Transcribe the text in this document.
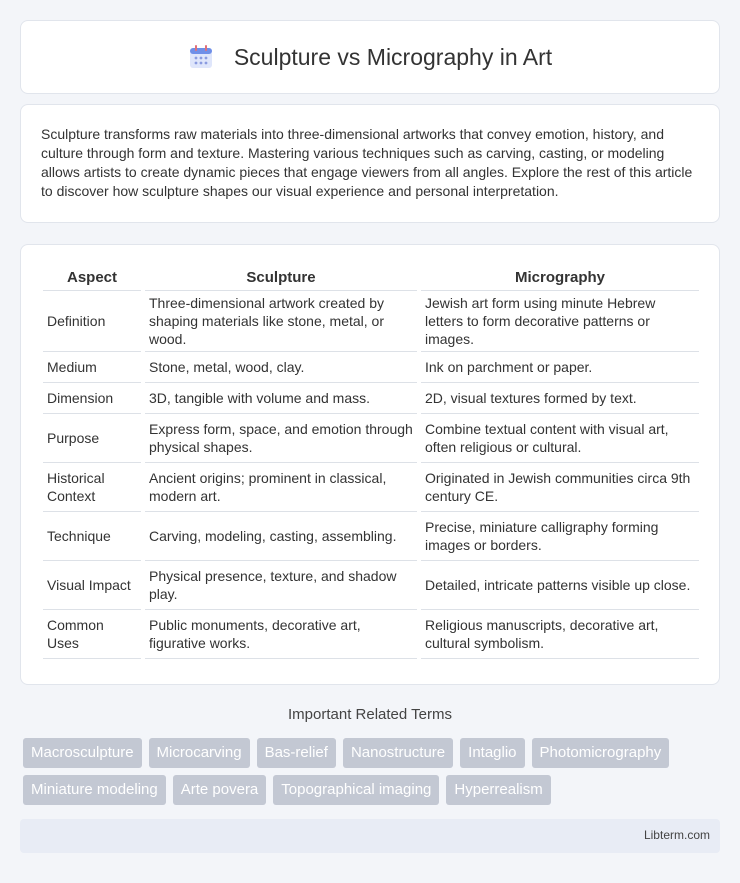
Sculpture vs Micrography in Art

Sculpture transforms raw materials into three-dimensional artworks that convey emotion, history, and culture through form and texture. Mastering various techniques such as carving, casting, or modeling allows artists to create dynamic pieces that engage viewers from all angles. Explore the rest of this article to discover how sculpture shapes our visual experience and personal interpretation.

Aspect	Sculpture	Micrography
Definition	Three-dimensional artwork created by shaping materials like stone, metal, or wood.	Jewish art form using minute Hebrew letters to form decorative patterns or images.
Medium	Stone, metal, wood, clay.	Ink on parchment or paper.
Dimension	3D, tangible with volume and mass.	2D, visual textures formed by text.
Purpose	Express form, space, and emotion through physical shapes.	Combine textual content with visual art, often religious or cultural.
Historical Context	Ancient origins; prominent in classical, modern art.	Originated in Jewish communities circa 9th century CE.
Technique	Carving, modeling, casting, assembling.	Precise, miniature calligraphy forming images or borders.
Visual Impact	Physical presence, texture, and shadow play.	Detailed, intricate patterns visible up close.
Common Uses	Public monuments, decorative art, figurative works.	Religious manuscripts, decorative art, cultural symbolism.
Important Related Terms
Macrosculpture	Microcarving	Bas-relief	Nanostructure	Intaglio	Photomicrography
Miniature modeling	Arte povera	Topographical imaging	Hyperrealism
Libterm.com
